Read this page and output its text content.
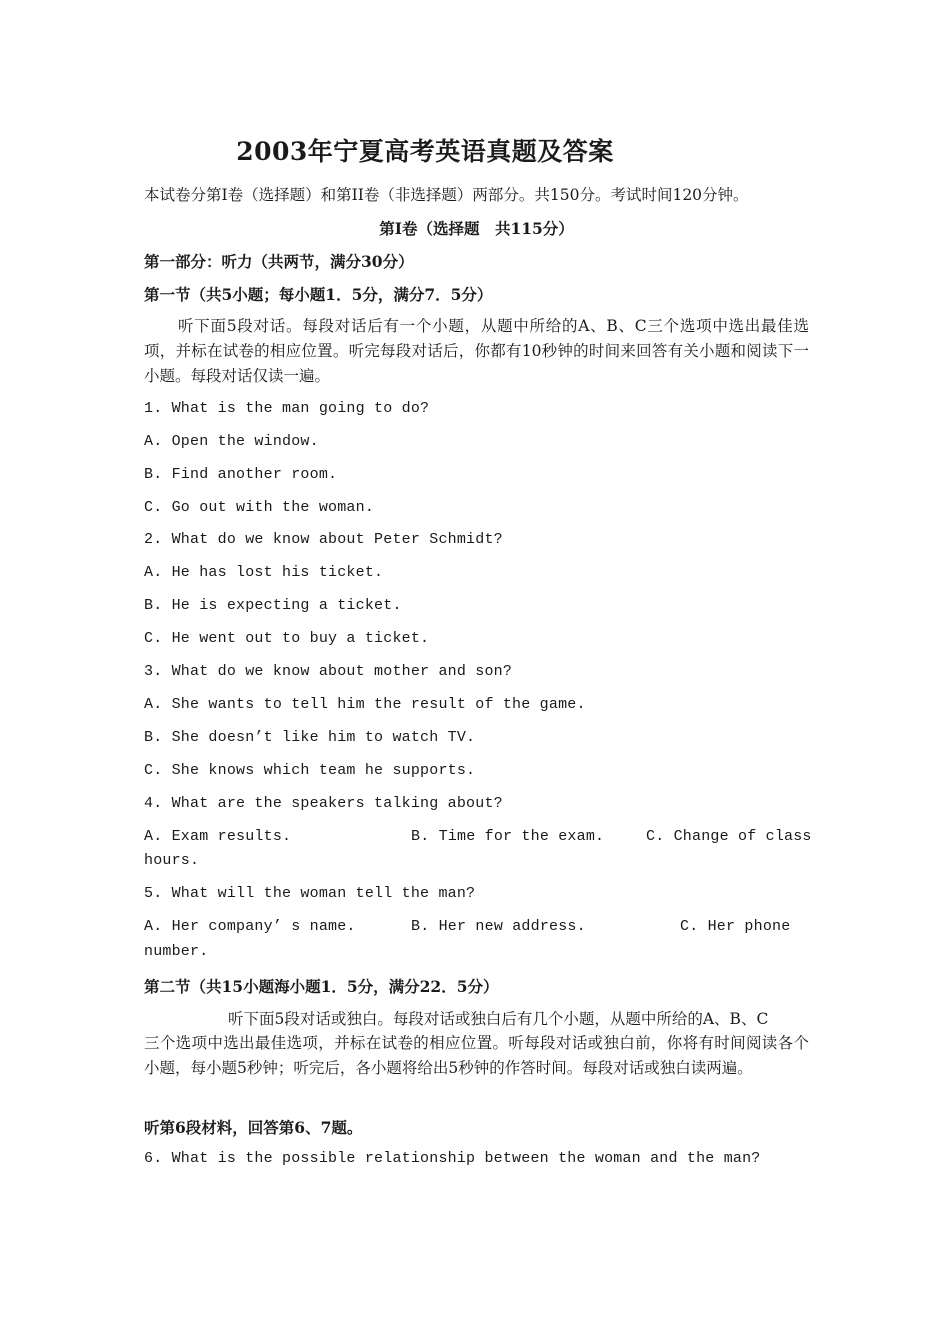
2003年宁夏高考英语真题及答案
本试卷分第Ⅰ卷（选择题）和第II卷（非选择题）两部分。共150分。考试时间120分钟。
第Ⅰ卷（选择题　共115分）
第一部分：听力（共两节，满分30分）
第一节（共5小题；每小题1．5分，满分7．5分）
听下面5段对话。每段对话后有一个小题，从题中所给的A、B、C三个选项中选出最佳选项，并标在试卷的相应位置。听完每段对话后，你都有10秒钟的时间来回答有关小题和阅读下一小题。每段对话仅读一遍。
1. What is the man going to do?
A. Open the window.
B. Find another room.
C. Go out with the woman.
2. What do we know about Peter Schmidt?
A. He has lost his ticket.
B. He is expecting a ticket.
C. He went out to buy a ticket.
3. What do we know about mother and son?
A. She wants to tell him the result of the game.
B. She doesn’t like him to watch TV.
C. She knows which team he supports.
4. What are the speakers talking about?
A. Exam results.	B. Time for the exam.	C. Change of class
hours.
5. What will the woman tell the man?
A. Her company’ s name.	B. Her new address.	C. Her phone
number.
第二节（共15小题海小题1．5分，满分22．5分）
听下面5段对话或独白。每段对话或独白后有几个小题，从题中所给的A、B、C
三个选项中选出最佳选项，并标在试卷的相应位置。听每段对话或独白前，你将有时间阅读各个小题，每小题5秒钟；听完后，各小题将给出5秒钟的作答时间。每段对话或独白读两遍。
听第6段材料，回答第6、7题。
6. What is the possible relationship between the woman and the man?
